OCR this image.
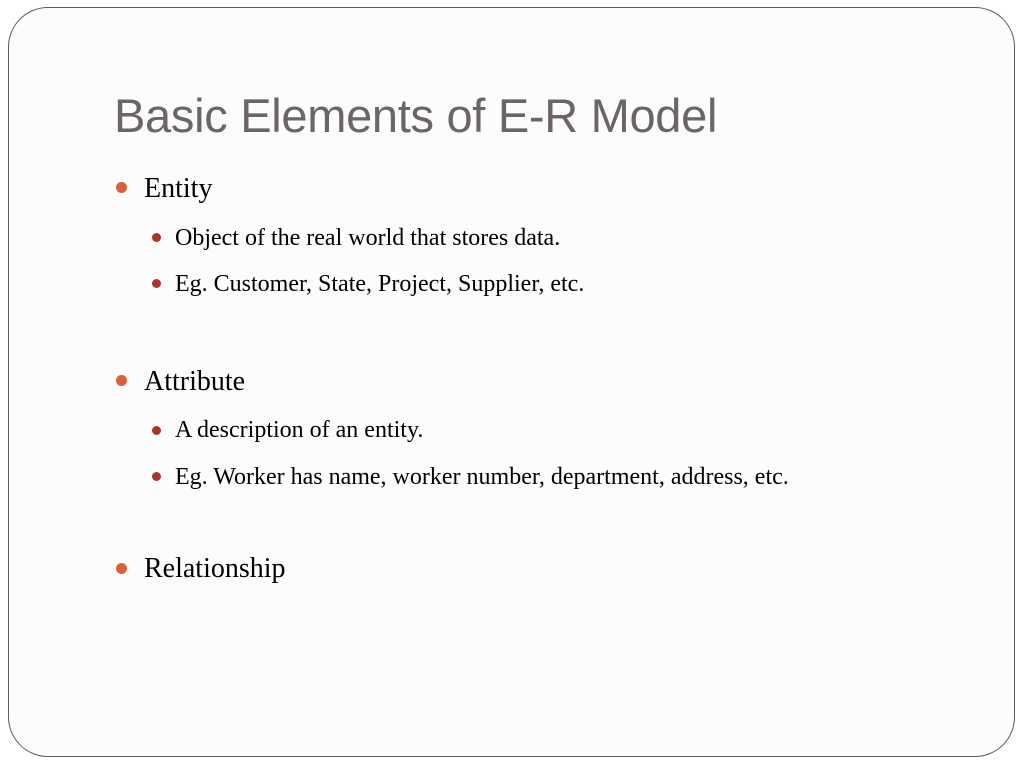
Basic Elements of E-R Model
Entity
Object of the real world that stores data.
Eg. Customer, State, Project, Supplier, etc.
Attribute
A description of an entity.
Eg. Worker has name, worker number, department, address, etc.
Relationship
